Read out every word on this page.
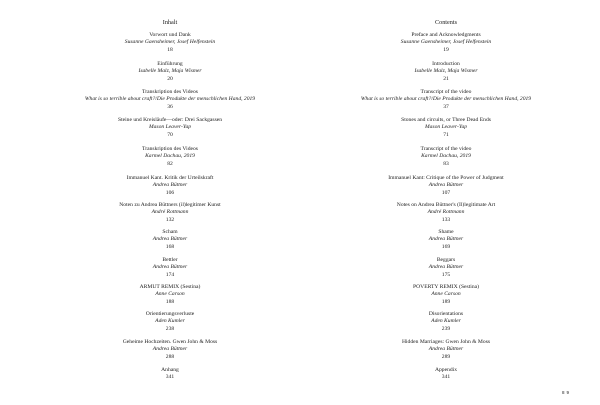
Inhalt
Vorwort und Dank
Susanne Gaensheimer, Josef Helfenstein
18
Einführung
Isabelle Malz, Maja Wismer
20
Transkription des Videos
What is so terrible about craft?/Die Produkte der menschlichen Hand, 2019
36
Steine und Kreisläufe—oder: Drei Sackgassen
Mason Leaver-Yap
70
Transkription des Videos
Karmel Dachau, 2019
82
Immanuel Kant. Kritik der Urteilskraft
Andrea Büttner
106
Noten zu Andrea Büttners (il)legitimer Kunst
André Rottmann
132
Scham
Andrea Büttner
168
Bettler
Andrea Büttner
174
ARMUT REMIX (Sestina)
Anne Carson
188
Orientierungsverluste
Aden Kumler
238
Geheime Hochzeiten. Gwen John & Moss
Andrea Büttner
288
Anhang
341
Contents
Preface and Acknowledgments
Susanne Gaensheimer, Josef Helfenstein
19
Introduction
Isabelle Malz, Maja Wismer
21
Transcript of the video
What is so terrible about craft?/Die Produkte der menschlichen Hand, 2019
37
Stones and circuits, or Three Dead Ends
Mason Leaver-Yap
71
Transcript of the video
Karmel Dachau, 2019
83
Immanuel Kant: Critique of the Power of Judgment
Andrea Büttner
107
Notes on Andrea Büttner's (Il)legitimate Art
André Rottmann
133
Shame
Andrea Büttner
169
Beggars
Andrea Büttner
175
POVERTY REMIX (Sestina)
Anne Carson
189
Disorientations
Aden Kumler
239
Hidden Marriages: Gwen John & Moss
Andrea Büttner
289
Appendix
341
8 9
